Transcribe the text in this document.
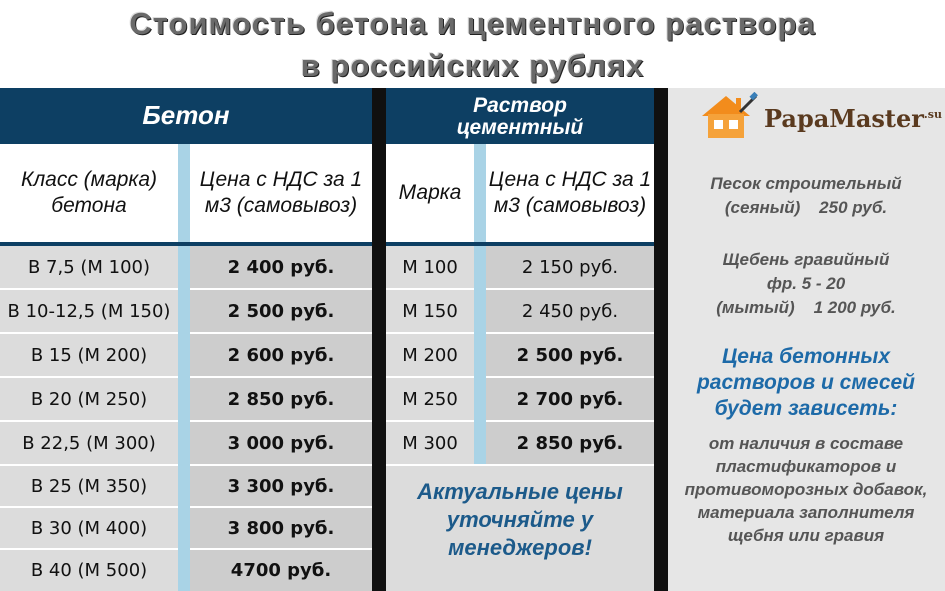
Стоимость бетона и цементного раствора
в российских рублях
Бетон	Раствор
цементный
Класс (марка) бетона
Цена с НДС за 1 м3 (самовывоз)
Марка
Цена с НДС за 1 м3 (самовывоз)
B 7,5 (M 100)	2 400 руб.
B 10-12,5 (M 150)	2 500 руб.
B 15 (M 200)	2 600 руб.
B 20 (M 250)	2 850 руб.
B 22,5 (M 300)	3 000 руб.
B 25 (M 350)	3 300 руб.
B 30 (M 400)	3 800 руб.
B 40 (M 500)	4700 руб.
M 100	2 150 руб.
M 150	2 450 руб.
M 200	2 500 руб.
M 250	2 700 руб.
M 300	2 850 руб.
Актуальные цены уточняйте у менеджеров!
PapaMaster$^{.su}$
Песок строительный
(сеяный)    250 руб.
Щебень гравийный
фр. 5 - 20
(мытый)    1 200 руб.
Цена бетонных растворов и смесей будет зависеть:
от наличия в составе пластификаторов и противоморозных добавок, материала заполнителя щебня или гравия
